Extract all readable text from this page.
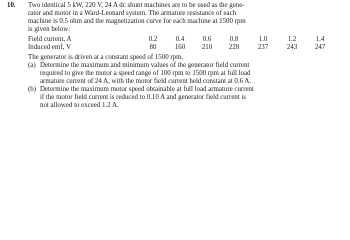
10. Two identical 5 kW, 220 V, 24 A dc shunt machines are to be used as the gene-
rator and motor in a Ward-Leonard system. The armature resistance of each
machine is 0.5 ohm and the magnetization curve for each machine at 1500 rpm
is given below:
Field current, A	0.2	0.4	0.6	0.8	1.0	1.2	1.4
Induced emf, V	80	160	210	228	237	243	247
The generator is driven at a constant speed of 1500 rpm.
(a) Determine the maximum and minimum values of the generator field current
required to give the motor a speed range of 100 rpm to 1500 rpm at full load
armature current of 24 A, with the motor field current held constant at 0.6 A.
(b) Determine the maximum motor speed obtainable at full load armature current
if the motor field current is reduced to 0.10 A and generator field current is
not allowed to exceed 1.2 A.
